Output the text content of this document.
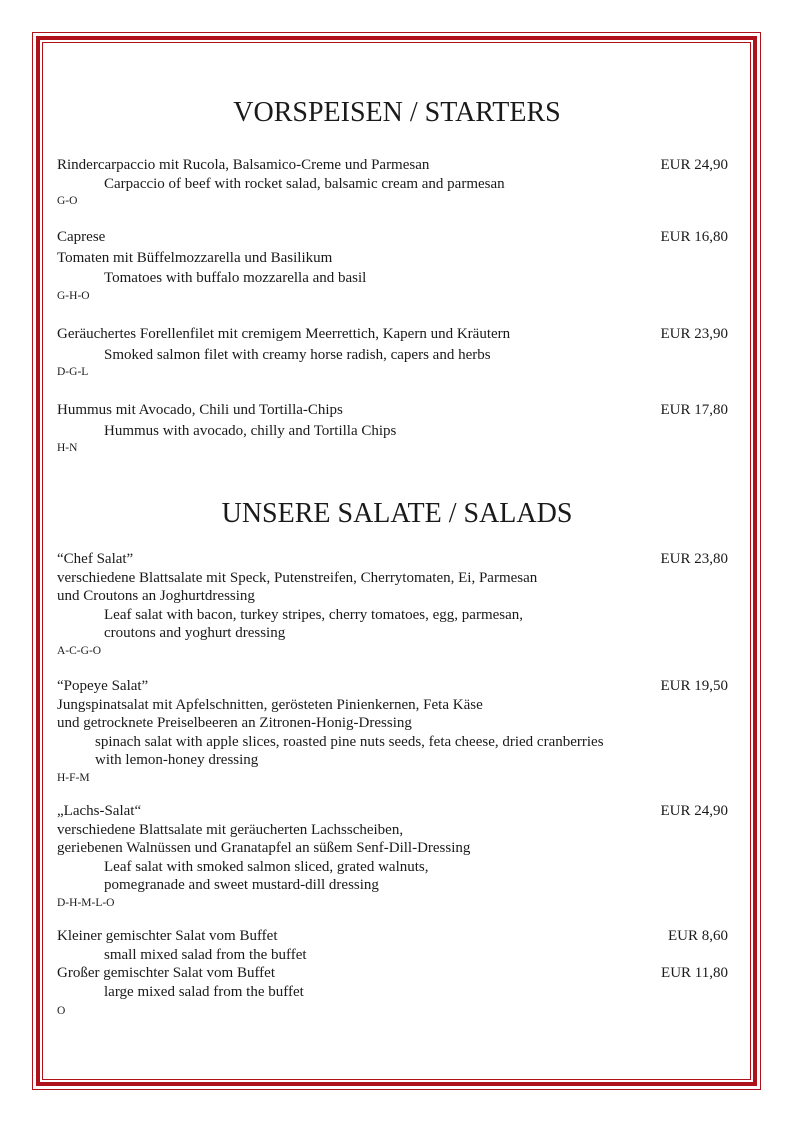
VORSPEISEN / STARTERS
Rindercarpaccio mit Rucola, Balsamico-Creme und Parmesan	EUR 24,90
Carpaccio of beef with rocket salad, balsamic cream and parmesan
G-O
Caprese	EUR 16,80
Tomaten mit Büffelmozzarella und Basilikum
Tomatoes with buffalo mozzarella and basil
G-H-O
Geräuchertes Forellenfilet mit cremigem Meerrettich, Kapern und Kräutern	EUR 23,90
Smoked salmon filet with creamy horse radish, capers and herbs
D-G-L
Hummus mit Avocado, Chili und Tortilla-Chips	EUR 17,80
Hummus with avocado, chilly and Tortilla Chips
H-N
UNSERE SALATE / SALADS
“Chef Salat”	EUR 23,80
verschiedene Blattsalate mit Speck, Putenstreifen, Cherrytomaten, Ei, Parmesan
und Croutons an Joghurtdressing
Leaf salat with bacon, turkey stripes, cherry tomatoes, egg, parmesan,
croutons and yoghurt dressing
A-C-G-O
“Popeye Salat”	EUR 19,50
Jungspinatsalat mit Apfelschnitten, gerösteten Pinienkernen, Feta Käse
und getrocknete Preiselbeeren an Zitronen-Honig-Dressing
spinach salat with apple slices, roasted pine nuts seeds, feta cheese, dried cranberries
with lemon-honey dressing
H-F-M
„Lachs-Salat“	EUR 24,90
verschiedene Blattsalate mit geräucherten Lachsscheiben,
geriebenen Walnüssen und Granatapfel an süßem Senf-Dill-Dressing
Leaf salat with smoked salmon sliced, grated walnuts,
pomegranade and sweet mustard-dill dressing
D-H-M-L-O
Kleiner gemischter Salat vom Buffet	EUR 8,60
small mixed salad from the buffet
Großer gemischter Salat vom Buffet	EUR 11,80
large mixed salad from the buffet
O
